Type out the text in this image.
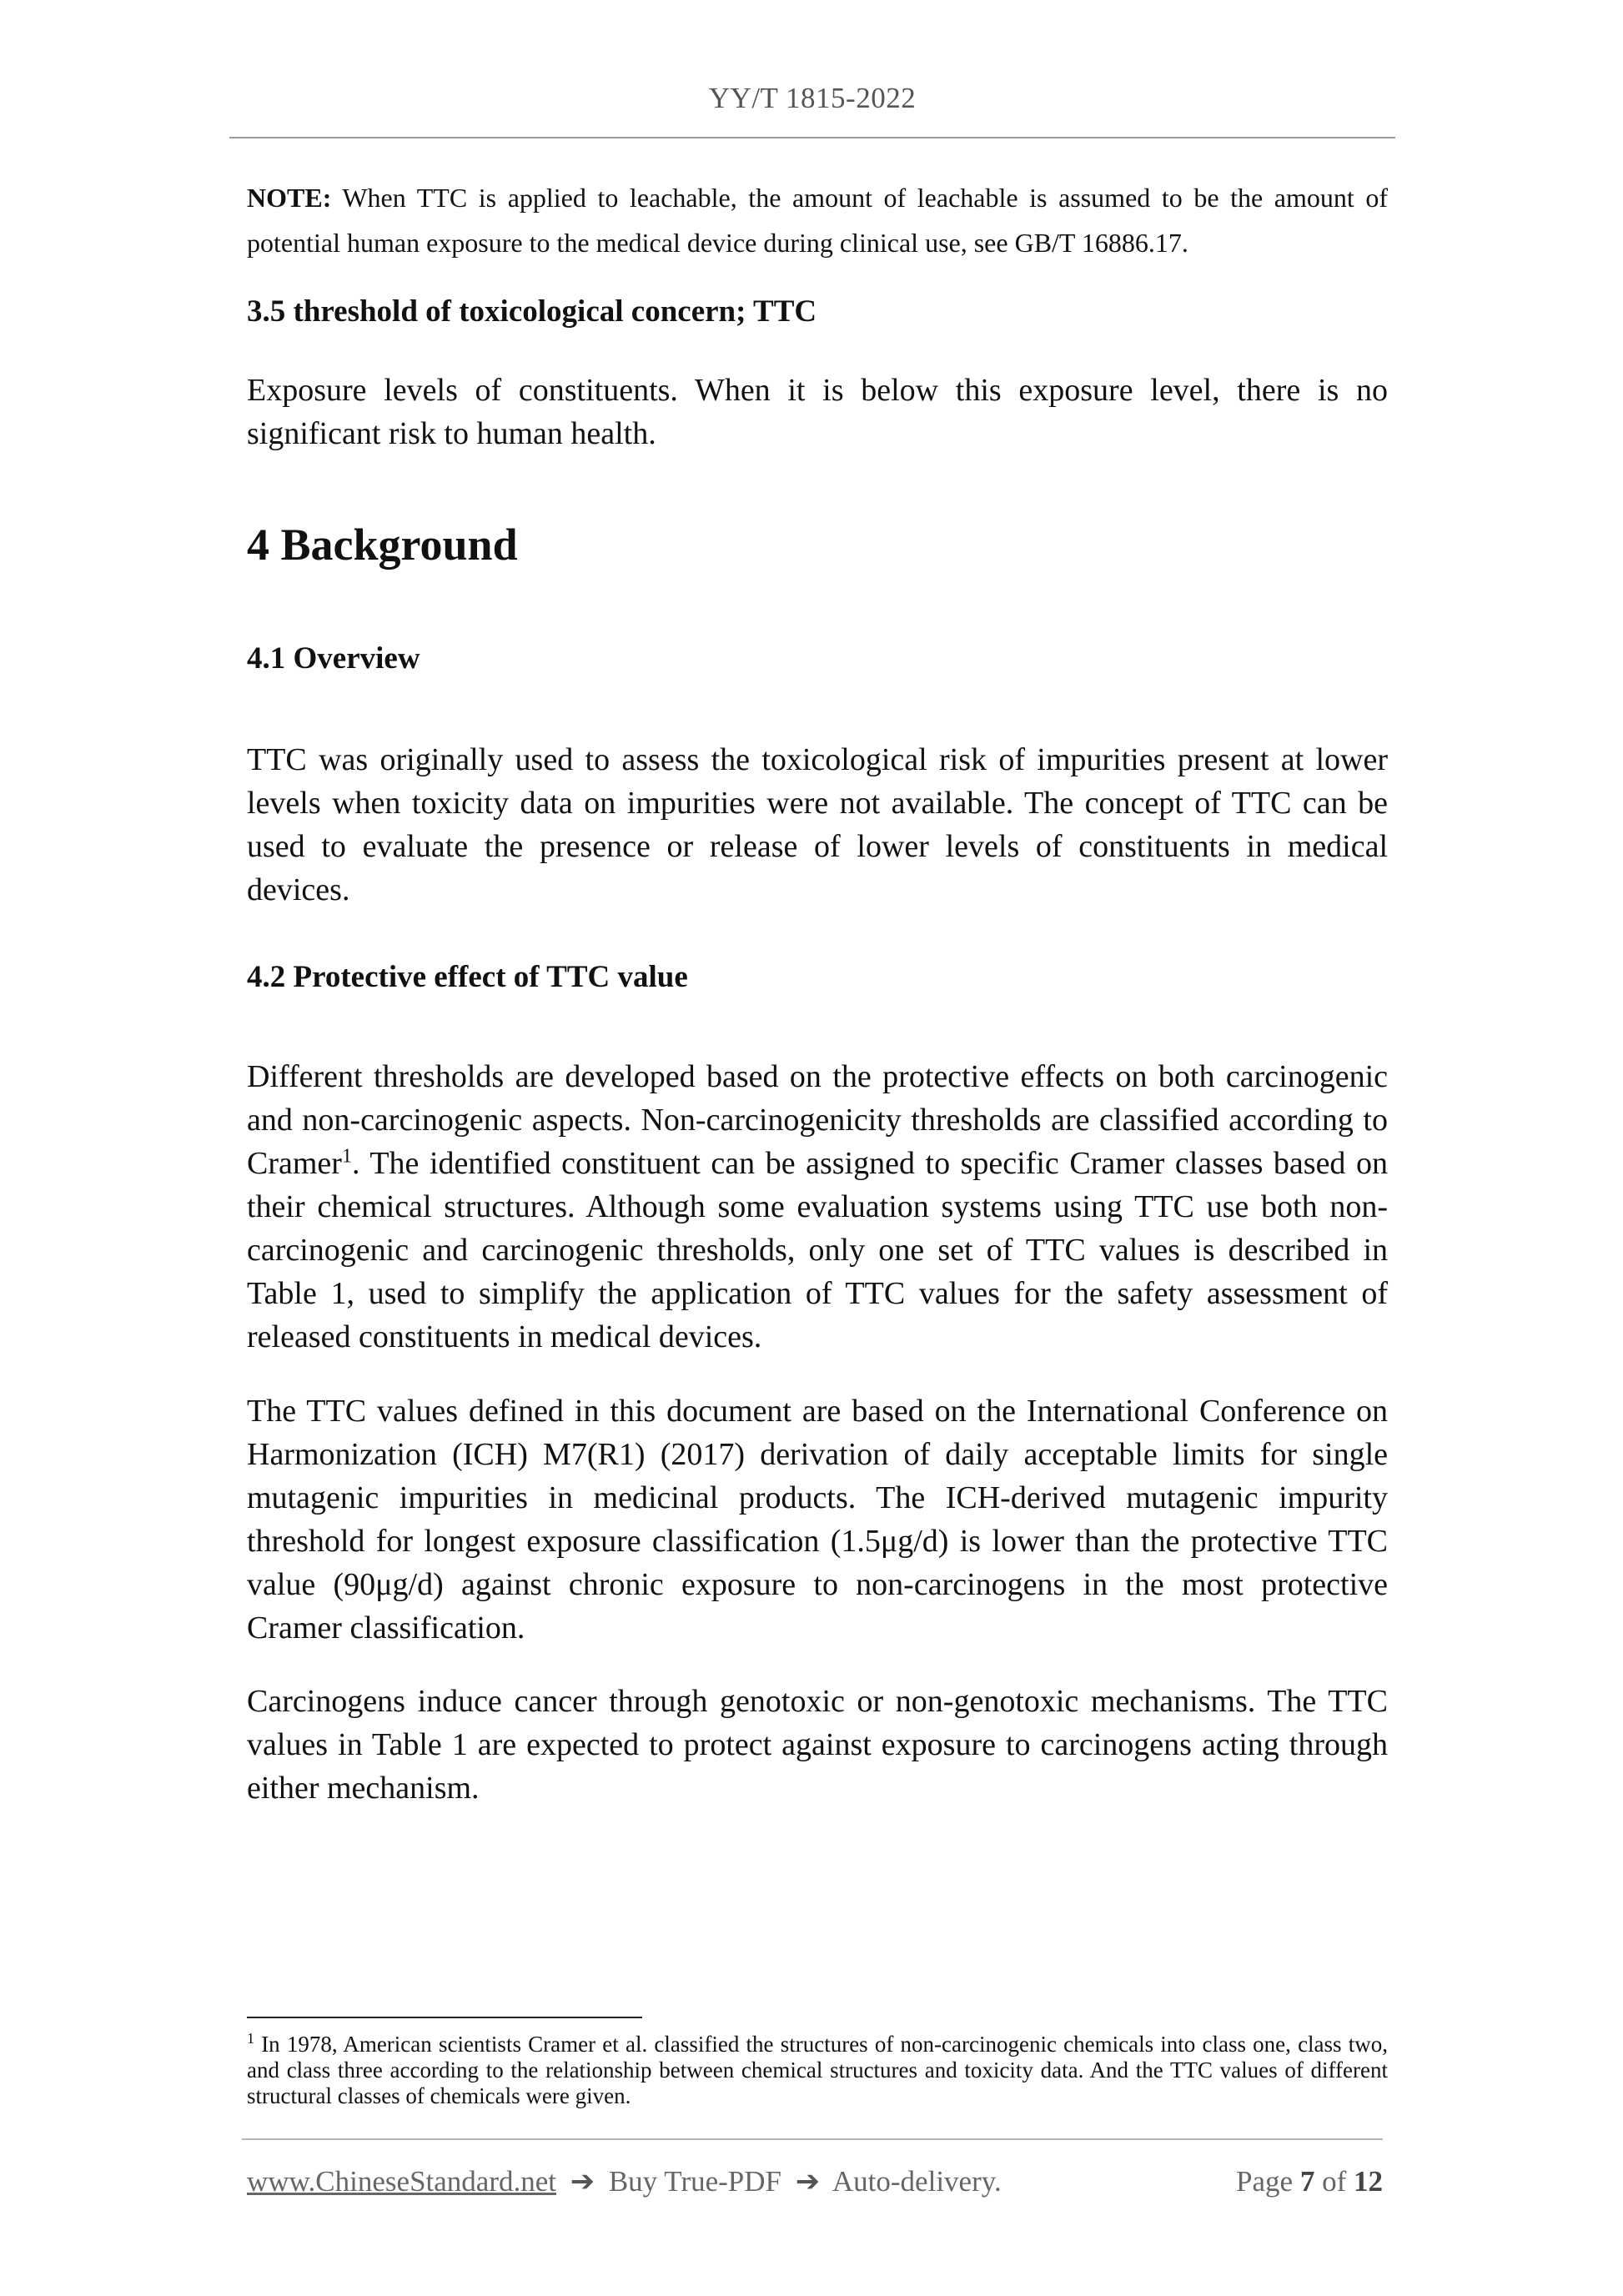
YY/T 1815-2022

NOTE: When TTC is applied to leachable, the amount of leachable is assumed to be the amount of potential human exposure to the medical device during clinical use, see GB/T 16886.17.

3.5 threshold of toxicological concern; TTC

Exposure levels of constituents. When it is below this exposure level, there is no significant risk to human health.

4 Background
4.1 Overview

TTC was originally used to assess the toxicological risk of impurities present at lower levels when toxicity data on impurities were not available. The concept of TTC can be used to evaluate the presence or release of lower levels of constituents in medical devices.

4.2 Protective effect of TTC value

Different thresholds are developed based on the protective effects on both carcinogenic and non-carcinogenic aspects. Non-carcinogenicity thresholds are classified according to Cramer$^1$. The identified constituent can be assigned to specific Cramer classes based on their chemical structures. Although some evaluation systems using TTC use both non-carcinogenic and carcinogenic thresholds, only one set of TTC values is described in Table 1, used to simplify the application of TTC values for the safety assessment of released constituents in medical devices.

The TTC values defined in this document are based on the International Conference on Harmonization (ICH) M7(R1) (2017) derivation of daily acceptable limits for single mutagenic impurities in medicinal products. The ICH-derived mutagenic impurity threshold for longest exposure classification (1.5μg/d) is lower than the protective TTC value (90μg/d) against chronic exposure to non-carcinogens in the most protective Cramer classification.

Carcinogens induce cancer through genotoxic or non-genotoxic mechanisms. The TTC values in Table 1 are expected to protect against exposure to carcinogens acting through either mechanism.

$^1$ In 1978, American scientists Cramer et al. classified the structures of non-carcinogenic chemicals into class one, class two, and class three according to the relationship between chemical structures and toxicity data. And the TTC values of different structural classes of chemicals were given.

www.ChineseStandard.net ➔ Buy True-PDF ➔ Auto-delivery.	Page 7 of 12
